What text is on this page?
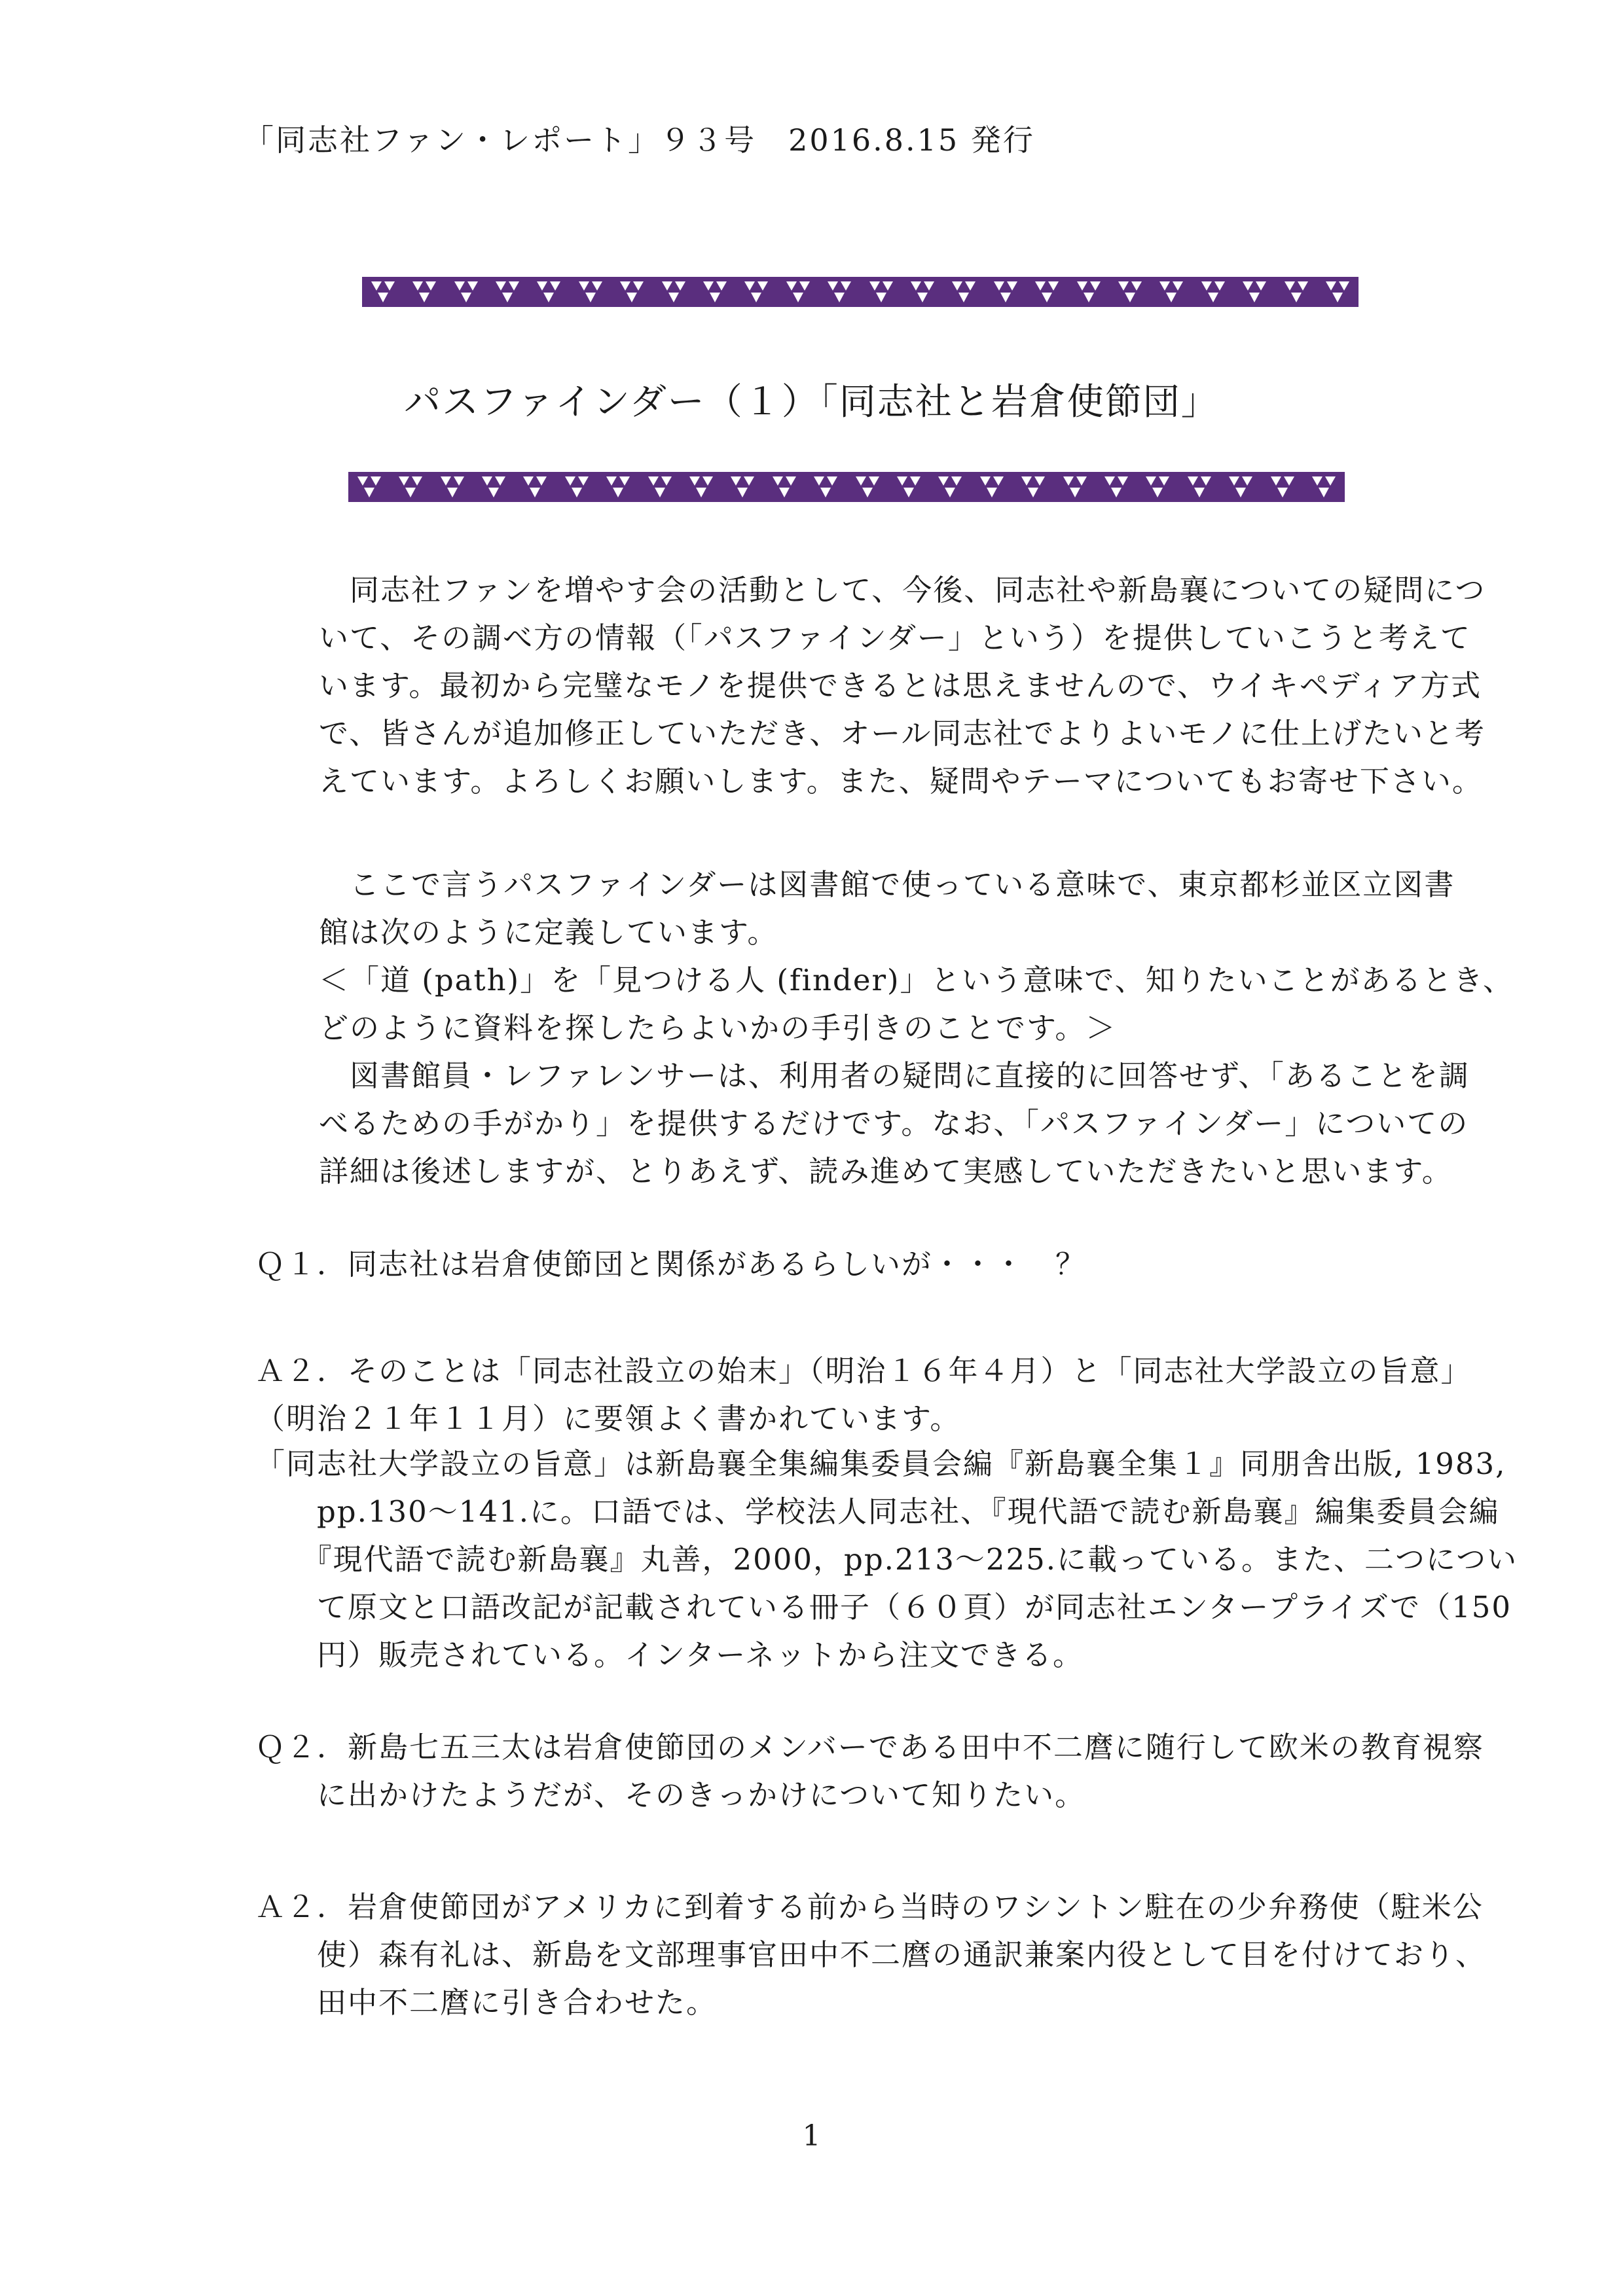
「同志社ファン・レポート」９３号　2016.8.15 発行
パスファインダー（１）「同志社と岩倉使節団」
　同志社ファンを増やす会の活動として、今後、同志社や新島襄についての疑問につ
いて、その調べ方の情報（「パスファインダー」という）を提供していこうと考えて
います。最初から完璧なモノを提供できるとは思えませんので、ウイキペディア方式
で、皆さんが追加修正していただき、オール同志社でよりよいモノに仕上げたいと考
えています。よろしくお願いします。また、疑問やテーマについてもお寄せ下さい。
　ここで言うパスファインダーは図書館で使っている意味で、東京都杉並区立図書
館は次のように定義しています。
＜「道 (path)」を「見つける人 (finder)」という意味で、知りたいことがあるとき、
どのように資料を探したらよいかの手引きのことです。＞
　図書館員・レファレンサーは、利用者の疑問に直接的に回答せず、「あることを調
べるための手がかり」を提供するだけです。なお、「パスファインダー」についての
詳細は後述しますが、とりあえず、読み進めて実感していただきたいと思います。
Ｑ１．同志社は岩倉使節団と関係があるらしいが・・・　？
Ａ２．そのことは「同志社設立の始末」（明治１６年４月）と「同志社大学設立の旨意」
（明治２１年１１月）に要領よく書かれています。
「同志社大学設立の旨意」は新島襄全集編集委員会編『新島襄全集１』同朋舎出版, 1983,
　　pp.130～141.に。口語では、学校法人同志社、『現代語で読む新島襄』編集委員会編
　　『現代語で読む新島襄』丸善，2000，pp.213～225.に載っている。また、二つについ
　　て原文と口語改記が記載されている冊子（６０頁）が同志社エンタープライズで（150
　　円）販売されている。インターネットから注文できる。
Ｑ２．新島七五三太は岩倉使節団のメンバーである田中不二麿に随行して欧米の教育視察
　　に出かけたようだが、そのきっかけについて知りたい。
Ａ２．岩倉使節団がアメリカに到着する前から当時のワシントン駐在の少弁務使（駐米公
　　使）森有礼は、新島を文部理事官田中不二麿の通訳兼案内役として目を付けており、
　　田中不二麿に引き合わせた。
1
